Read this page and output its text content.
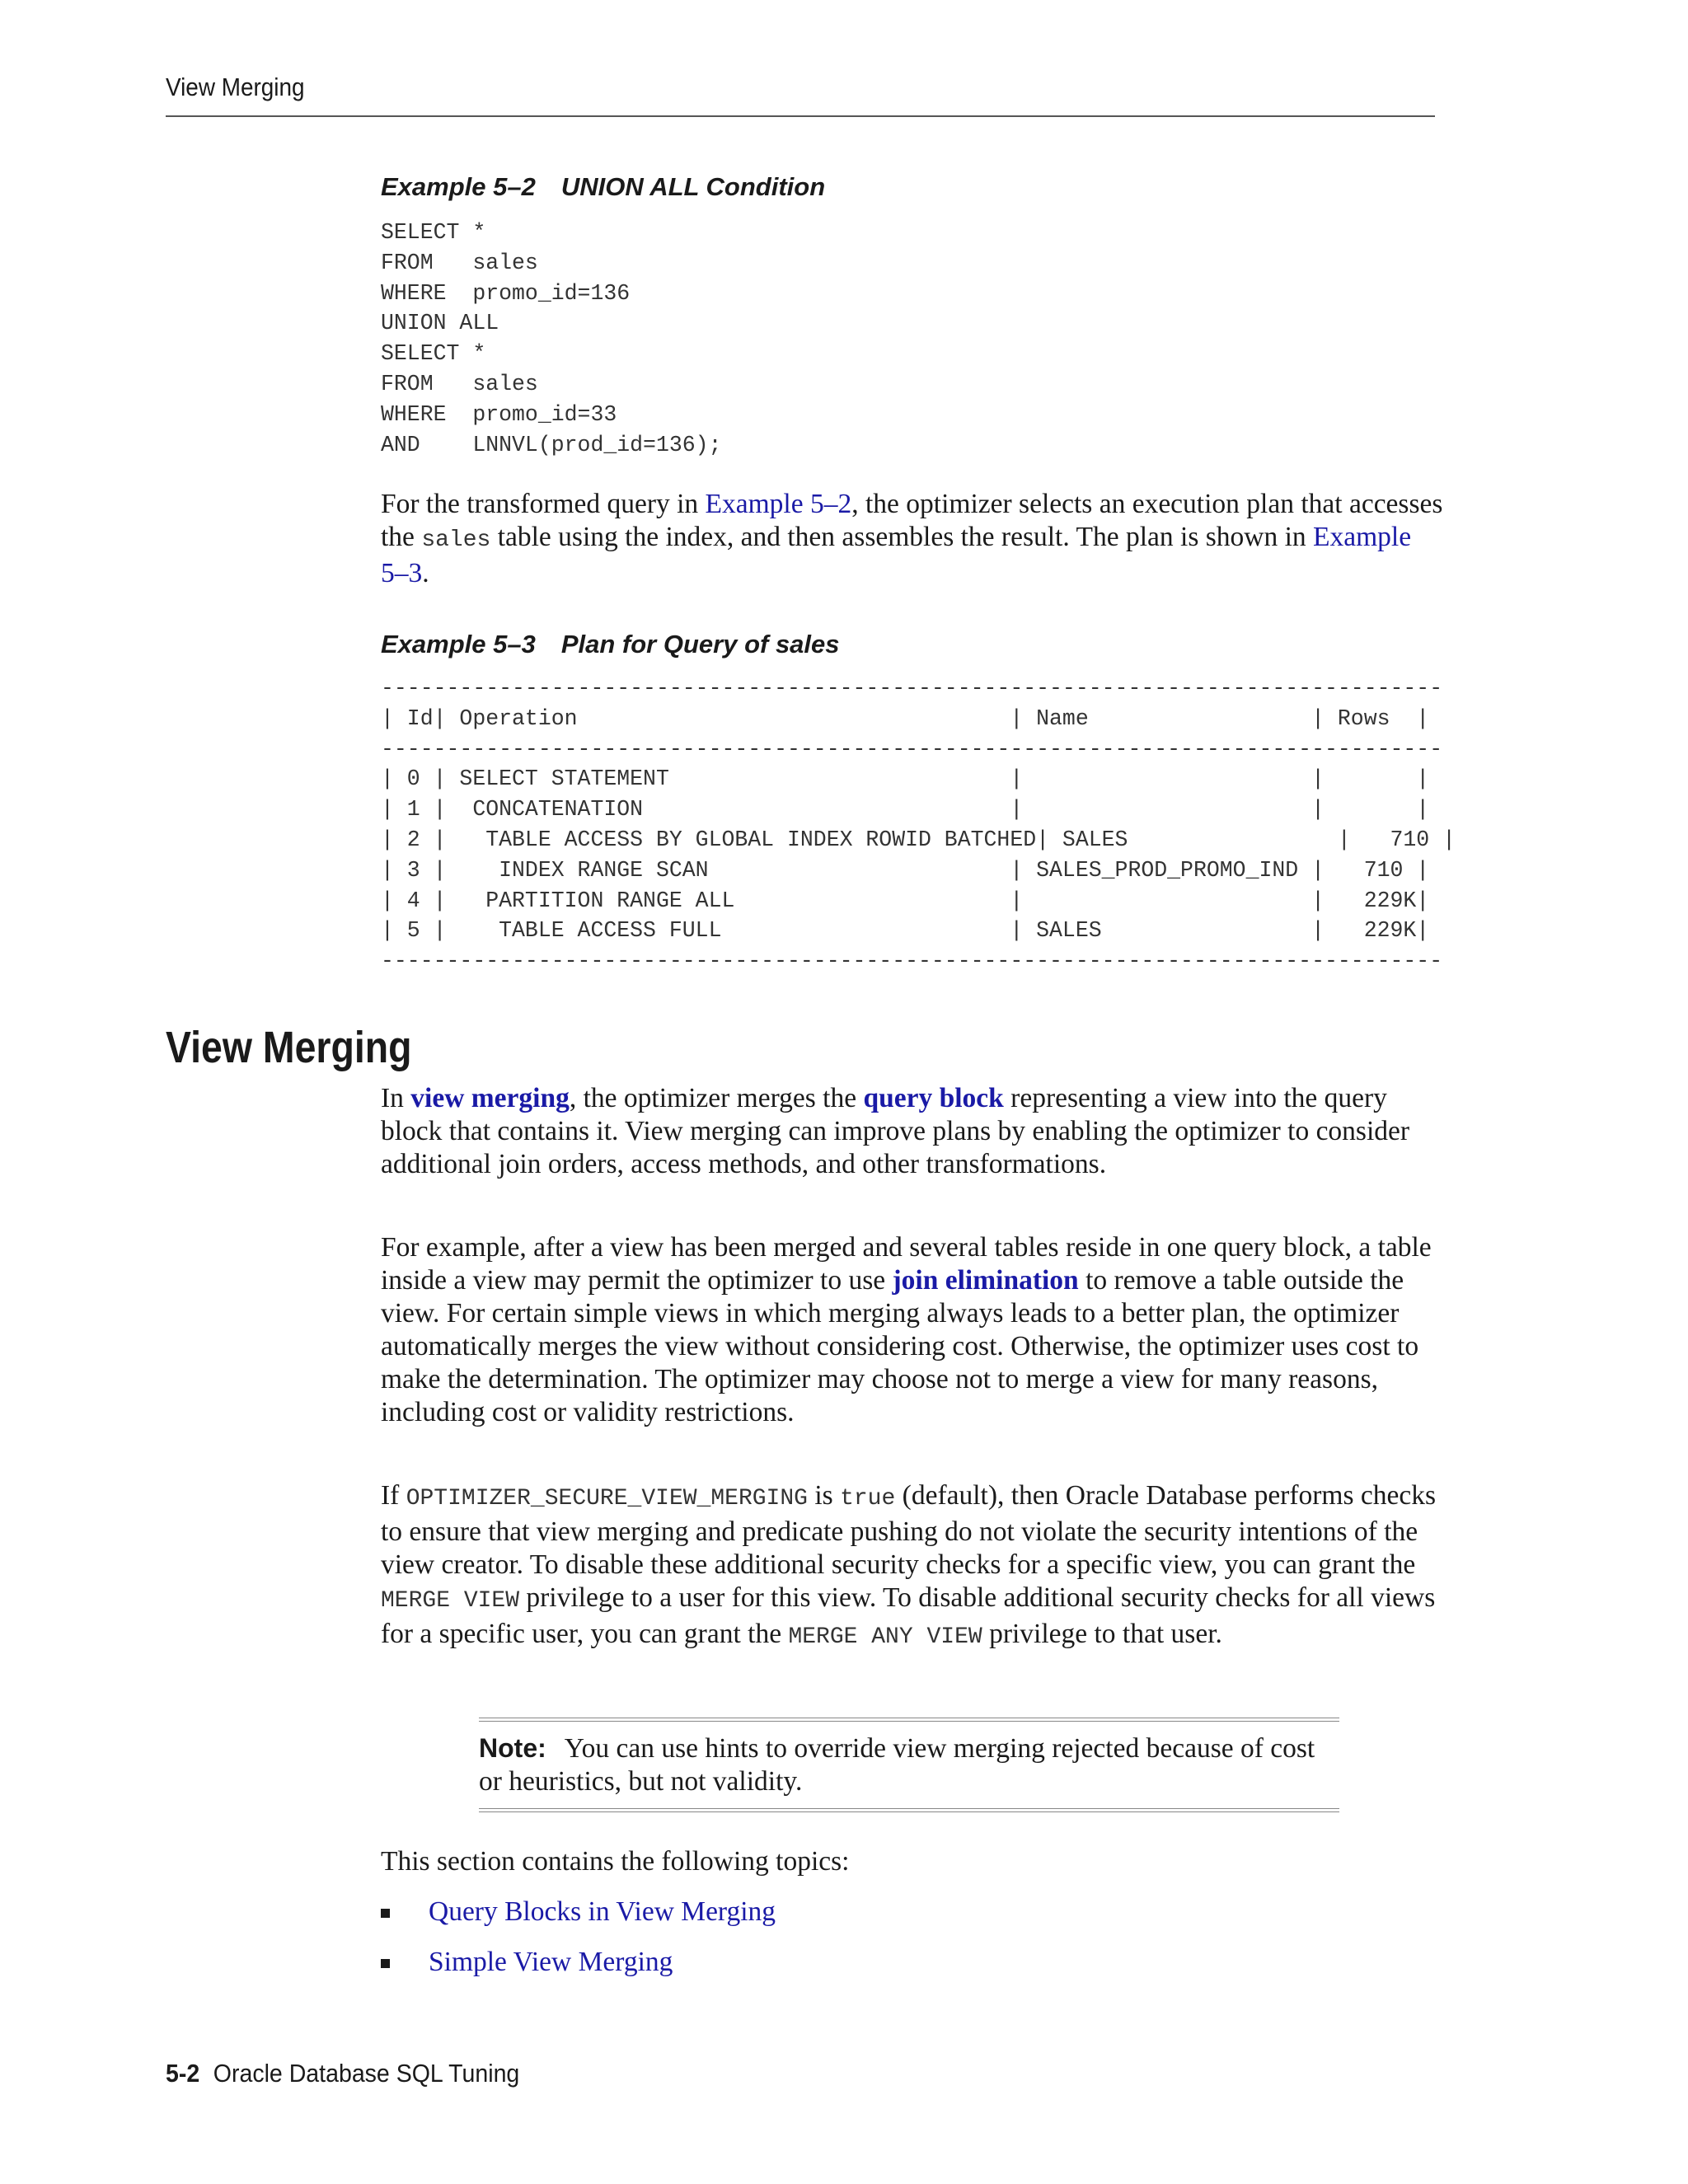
View Merging
Example 5–2 UNION ALL Condition
SELECT *
FROM   sales
WHERE  promo_id=136
UNION ALL
SELECT *
FROM   sales
WHERE  promo_id=33
AND    LNNVL(prod_id=136);

For the transformed query in Example 5–2, the optimizer selects an execution plan that accesses the sales table using the index, and then assembles the result. The plan is shown in Example 5–3.

Example 5–3 Plan for Query of sales
---------------------------------------------------------------------------------
| Id| Operation                                 | Name                 | Rows  |
---------------------------------------------------------------------------------
| 0 | SELECT STATEMENT                          |                      |       |
| 1 |  CONCATENATION                            |                      |       |
| 2 |   TABLE ACCESS BY GLOBAL INDEX ROWID BATCHED| SALES                |   710 |
| 3 |    INDEX RANGE SCAN                       | SALES_PROD_PROMO_IND |   710 |
| 4 |   PARTITION RANGE ALL                     |                      |   229K|
| 5 |    TABLE ACCESS FULL                      | SALES                |   229K|
---------------------------------------------------------------------------------
View Merging

In view merging, the optimizer merges the query block representing a view into the query block that contains it. View merging can improve plans by enabling the optimizer to consider additional join orders, access methods, and other transformations.

For example, after a view has been merged and several tables reside in one query block, a table inside a view may permit the optimizer to use join elimination to remove a table outside the view. For certain simple views in which merging always leads to a better plan, the optimizer automatically merges the view without considering cost. Otherwise, the optimizer uses cost to make the determination. The optimizer may choose not to merge a view for many reasons, including cost or validity restrictions.

If OPTIMIZER_SECURE_VIEW_MERGING is true (default), then Oracle Database performs checks to ensure that view merging and predicate pushing do not violate the security intentions of the view creator. To disable these additional security checks for a specific view, you can grant the MERGE VIEW privilege to a user for this view. To disable additional security checks for all views for a specific user, you can grant the MERGE ANY VIEW privilege to that user.

Note: You can use hints to override view merging rejected because of cost or heuristics, but not validity.

This section contains the following topics:

Query Blocks in View Merging
Simple View Merging
5-2 Oracle Database SQL Tuning
